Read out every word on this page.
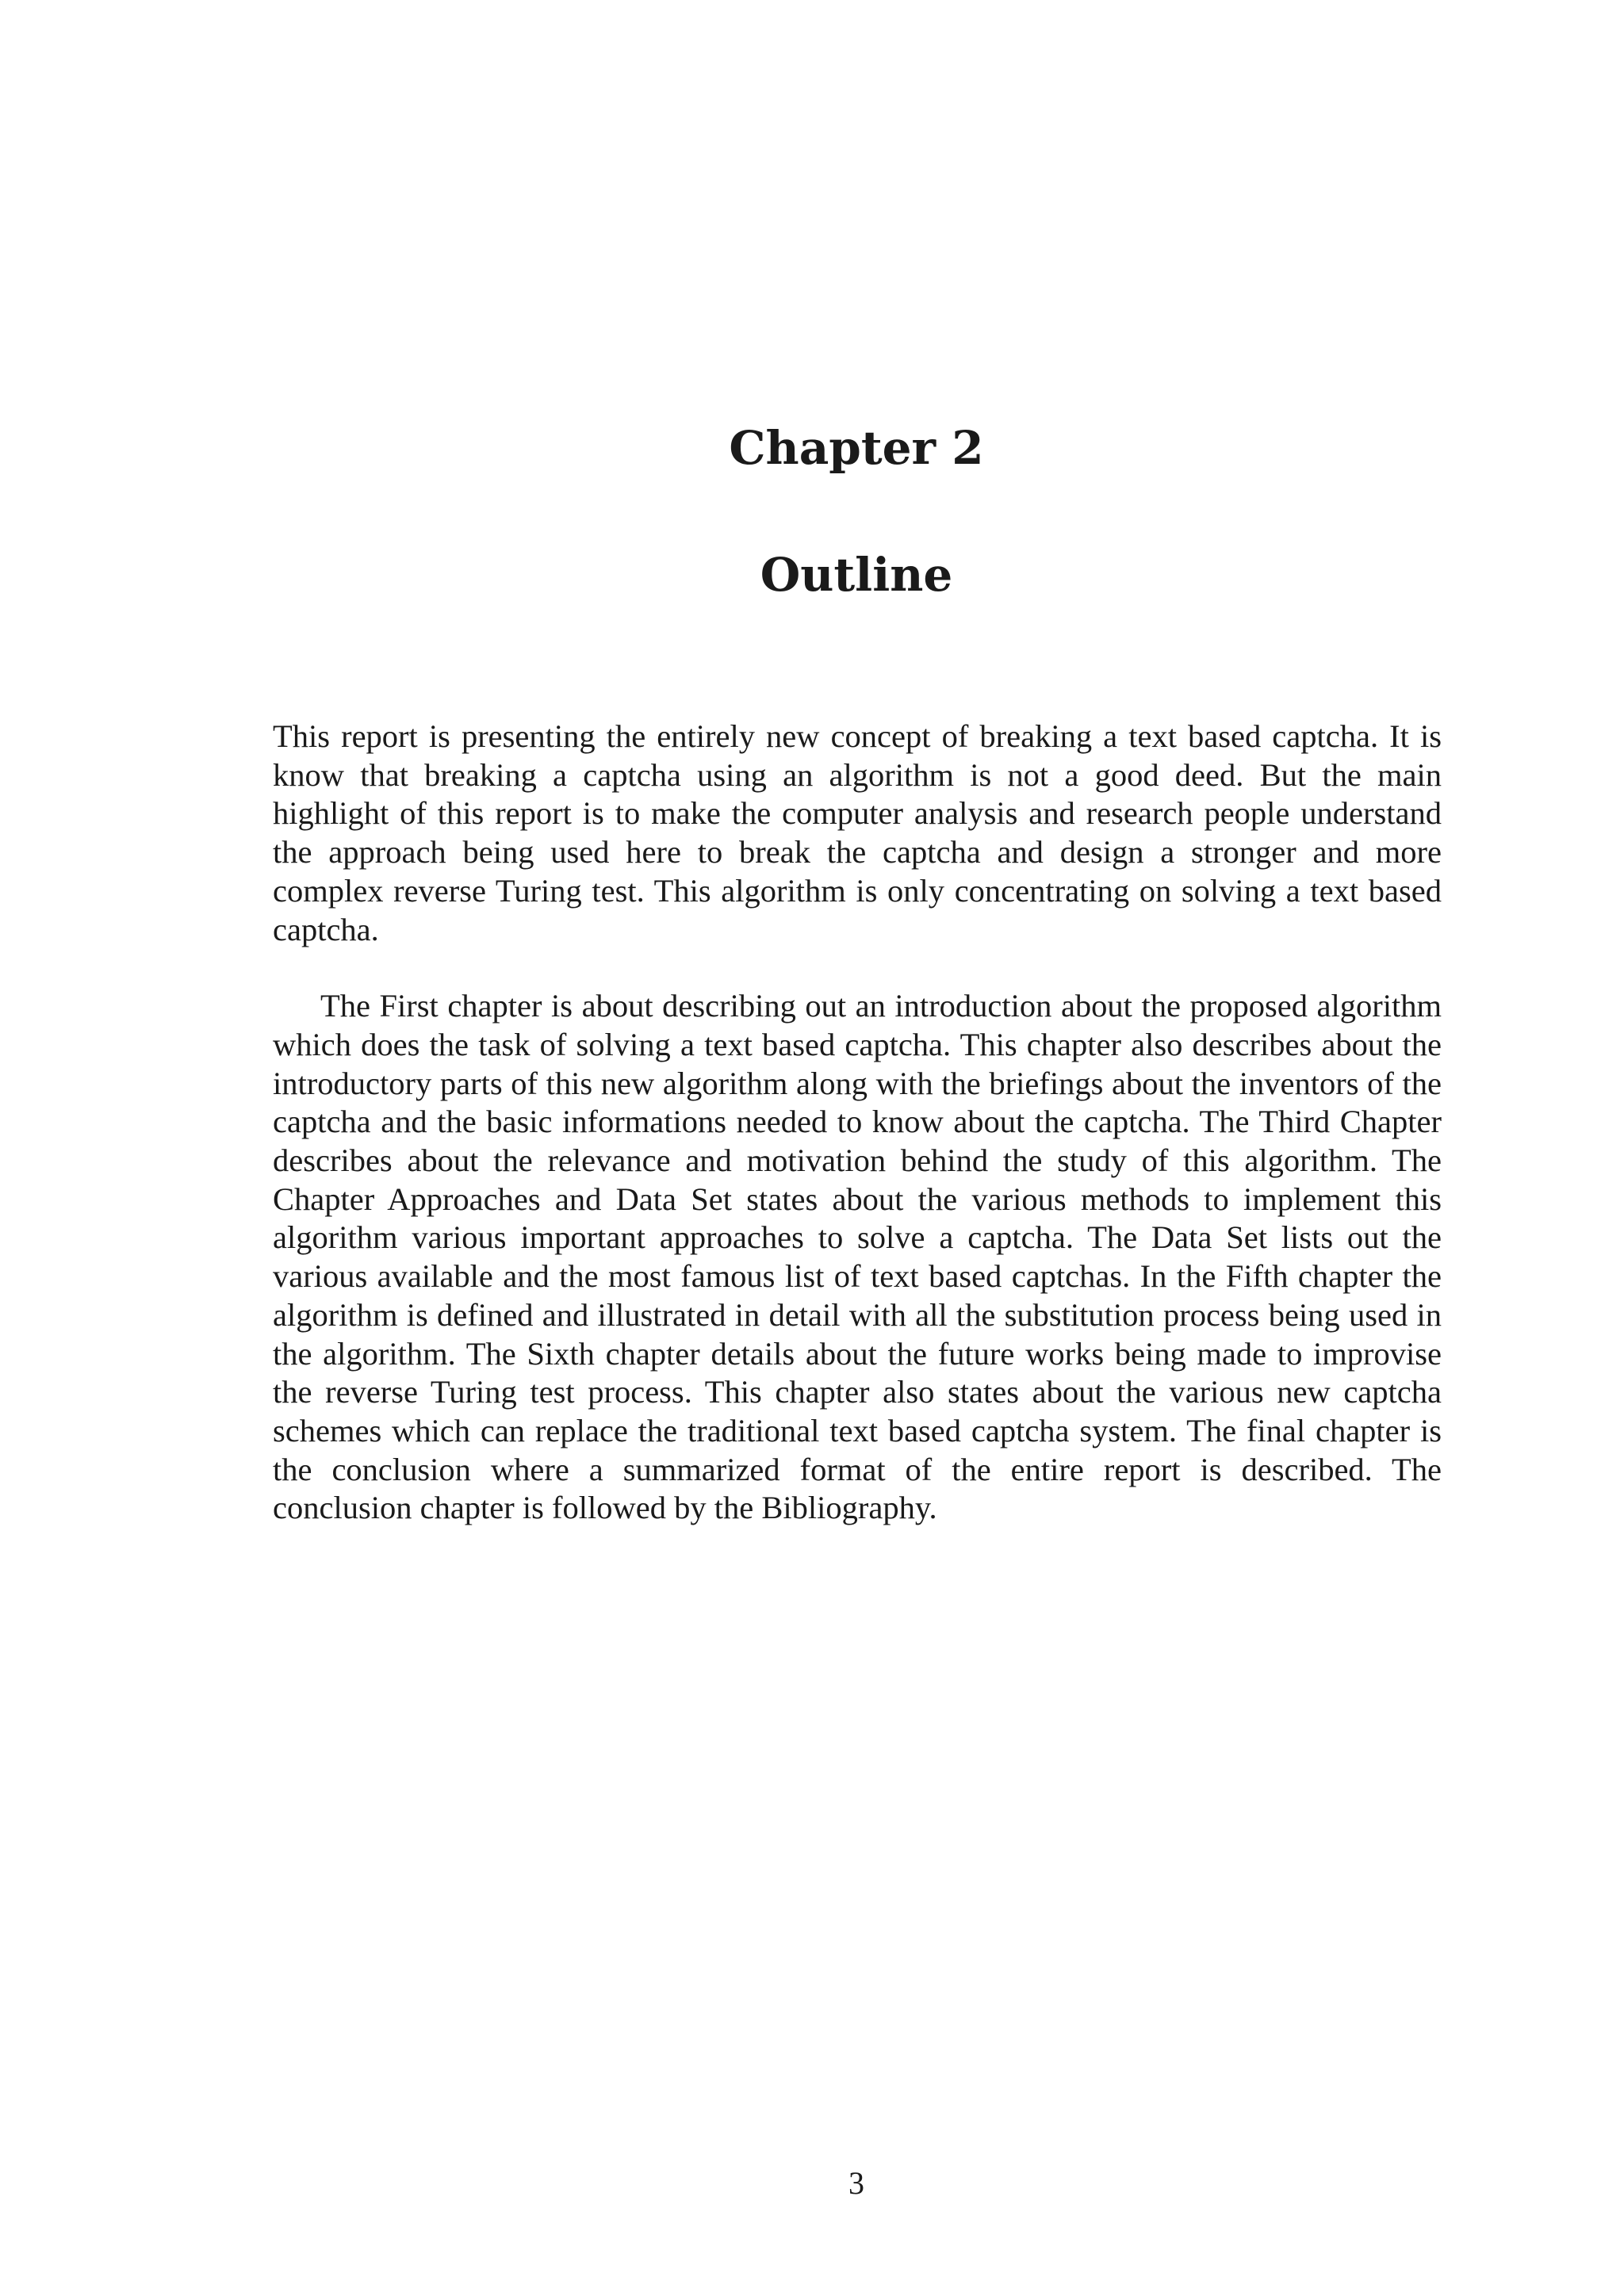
Chapter 2
Outline

This report is presenting the entirely new concept of breaking a text based captcha. It is know that breaking a captcha using an algorithm is not a good deed. But the main highlight of this report is to make the computer analysis and research people understand the approach being used here to break the captcha and design a stronger and more complex reverse Turing test. This algorithm is only concentrating on solving a text based captcha.

The First chapter is about describing out an introduction about the proposed algorithm which does the task of solving a text based captcha. This chapter also describes about the introductory parts of this new algorithm along with the briefings about the inventors of the captcha and the basic informations needed to know about the captcha. The Third Chapter describes about the relevance and motivation behind the study of this algorithm. The Chapter Approaches and Data Set states about the various methods to implement this algorithm various important approaches to solve a captcha. The Data Set lists out the various available and the most famous list of text based captchas. In the Fifth chapter the algorithm is defined and illustrated in detail with all the substitution process being used in the algorithm. The Sixth chapter details about the future works being made to improvise the reverse Turing test process. This chapter also states about the various new captcha schemes which can replace the traditional text based captcha system. The final chapter is the conclusion where a summarized format of the entire report is described. The conclusion chapter is followed by the Bibliography.

3
